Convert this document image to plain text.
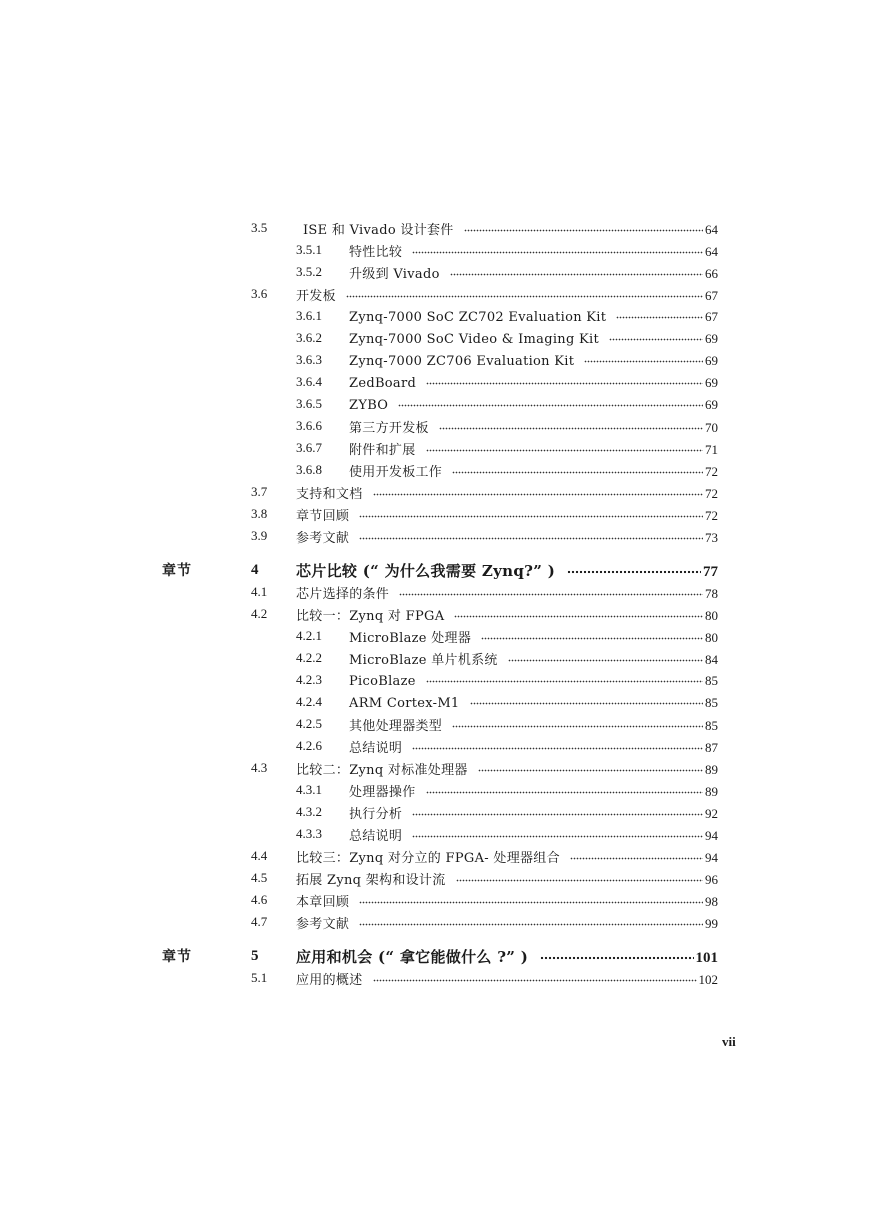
3.5	ISE 和 Vivado 设计套件	64
3.5.1 特性比较	64
3.5.2 升级到 Vivado	66
3.6 开发板	67
3.6.1 Zynq-7000 SoC ZC702 Evaluation Kit	67
3.6.2 Zynq-7000 SoC Video & Imaging Kit	69
3.6.3 Zynq-7000 ZC706 Evaluation Kit	69
3.6.4 ZedBoard	69
3.6.5 ZYBO	69
3.6.6 第三方开发板	70
3.6.7 附件和扩展	71
3.6.8 使用开发板工作	72
3.7 支持和文档	72
3.8 章节回顾	72
3.9 参考文献	73
章节	4	芯片比较 (“ 为什么我需要 Zynq?” )	77
4.1 芯片选择的条件	78
4.2 比较一：Zynq 对 FPGA	80
4.2.1 MicroBlaze 处理器	80
4.2.2 MicroBlaze 单片机系统	84
4.2.3 PicoBlaze	85
4.2.4 ARM Cortex-M1	85
4.2.5 其他处理器类型	85
4.2.6 总结说明	87
4.3 比较二：Zynq 对标准处理器	89
4.3.1 处理器操作	89
4.3.2 执行分析	92
4.3.3 总结说明	94
4.4 比较三：Zynq 对分立的 FPGA- 处理器组合	94
4.5 拓展 Zynq 架构和设计流	96
4.6 本章回顾	98
4.7 参考文献	99
章节	5	应用和机会 (“ 拿它能做什么 ?” )	101
5.1 应用的概述	102
vii
